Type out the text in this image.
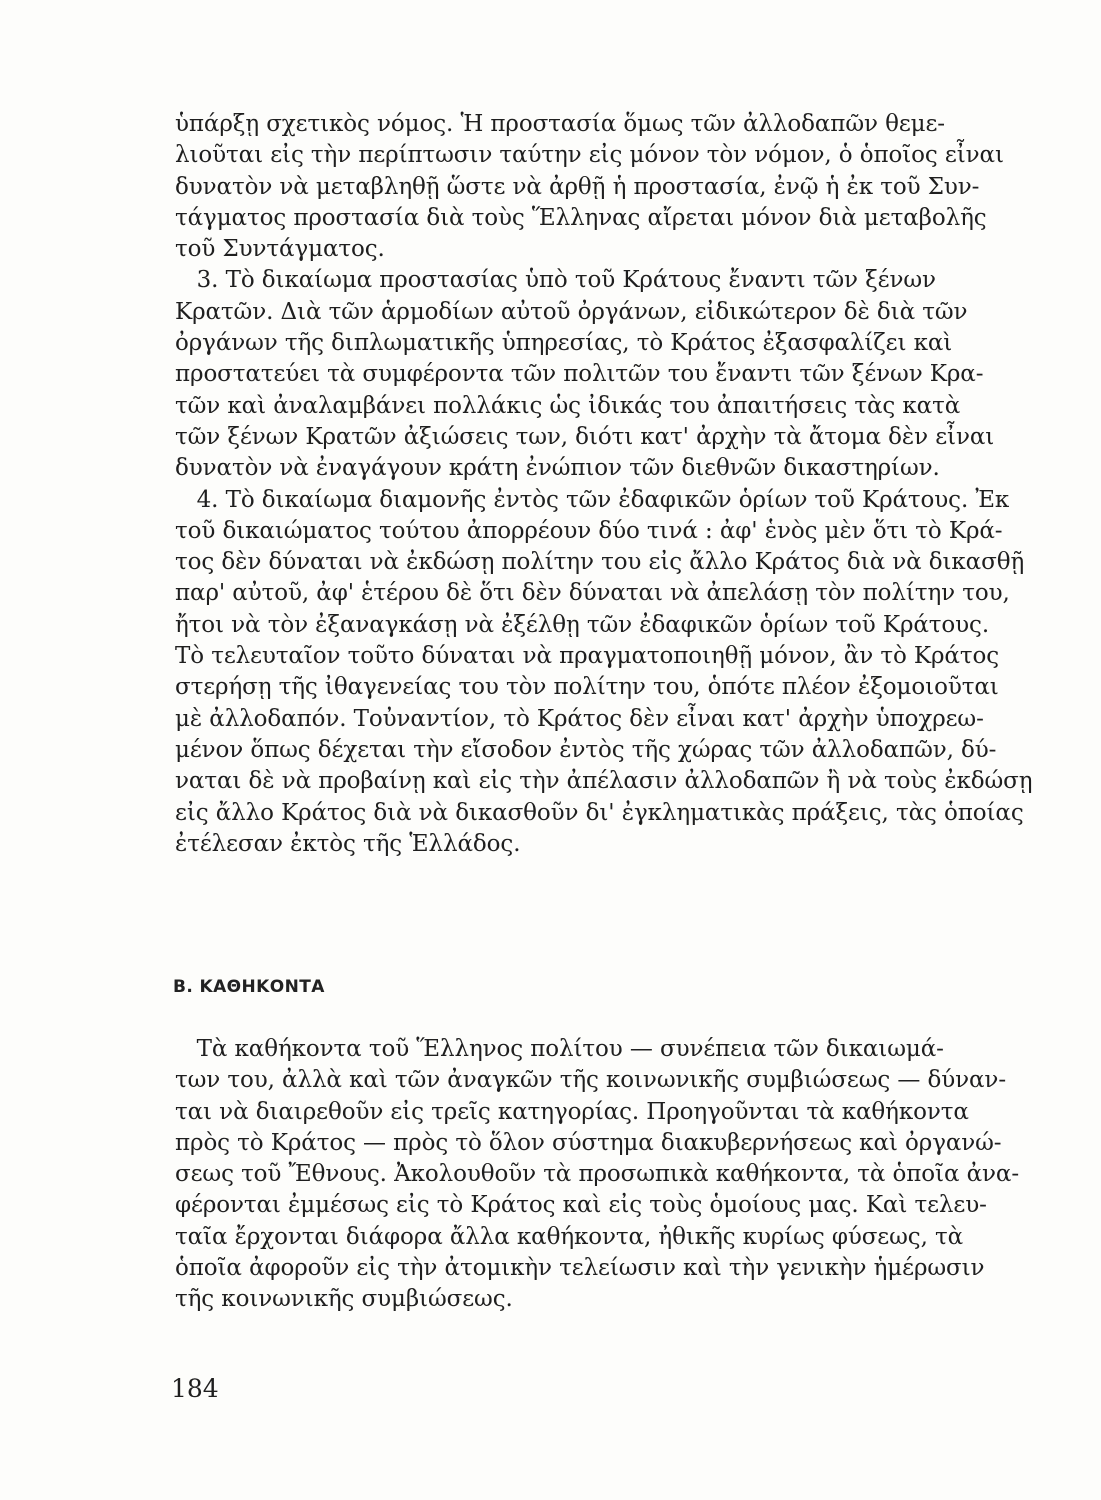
ὑπάρξῃ σχετικὸς νόμος. Ἡ προστασία ὅμως τῶν ἀλλοδαπῶν θεμε-
λιοῦται εἰς τὴν περίπτωσιν ταύτην εἰς μόνον τὸν νόμον, ὁ ὁποῖος εἶναι
δυνατὸν νὰ μεταβληθῇ ὥστε νὰ ἀρθῇ ἡ προστασία, ἐνῷ ἡ ἐκ τοῦ Συν-
τάγματος προστασία διὰ τοὺς Ἕλληνας αἴρεται μόνον διὰ μεταβολῆς
τοῦ Συντάγματος.
3. Τὸ δικαίωμα προστασίας ὑπὸ τοῦ Κράτους ἔναντι τῶν ξένων
Κρατῶν. Διὰ τῶν ἁρμοδίων αὐτοῦ ὀργάνων, εἰδικώτερον δὲ διὰ τῶν
ὀργάνων τῆς διπλωματικῆς ὑπηρεσίας, τὸ Κράτος ἐξασφαλίζει καὶ
προστατεύει τὰ συμφέροντα τῶν πολιτῶν του ἔναντι τῶν ξένων Κρα-
τῶν καὶ ἀναλαμβάνει πολλάκις ὡς ἰδικάς του ἀπαιτήσεις τὰς κατὰ
τῶν ξένων Κρατῶν ἀξιώσεις των, διότι κατ' ἀρχὴν τὰ ἄτομα δὲν εἶναι
δυνατὸν νὰ ἐναγάγουν κράτη ἐνώπιον τῶν διεθνῶν δικαστηρίων.
4. Τὸ δικαίωμα διαμονῆς ἐντὸς τῶν ἐδαφικῶν ὁρίων τοῦ Κράτους. Ἐκ
τοῦ δικαιώματος τούτου ἀπορρέουν δύο τινά : ἀφ' ἑνὸς μὲν ὅτι τὸ Κρά-
τος δὲν δύναται νὰ ἐκδώσῃ πολίτην του εἰς ἄλλο Κράτος διὰ νὰ δικασθῇ
παρ' αὐτοῦ, ἀφ' ἑτέρου δὲ ὅτι δὲν δύναται νὰ ἀπελάσῃ τὸν πολίτην του,
ἤτοι νὰ τὸν ἐξαναγκάσῃ νὰ ἐξέλθῃ τῶν ἐδαφικῶν ὁρίων τοῦ Κράτους.
Τὸ τελευταῖον τοῦτο δύναται νὰ πραγματοποιηθῇ μόνον, ἂν τὸ Κράτος
στερήσῃ τῆς ἰθαγενείας του τὸν πολίτην του, ὁπότε πλέον ἐξομοιοῦται
μὲ ἀλλοδαπόν. Τοὐναντίον, τὸ Κράτος δὲν εἶναι κατ' ἀρχὴν ὑποχρεω-
μένον ὅπως δέχεται τὴν εἴσοδον ἐντὸς τῆς χώρας τῶν ἀλλοδαπῶν, δύ-
ναται δὲ νὰ προβαίνῃ καὶ εἰς τὴν ἀπέλασιν ἀλλοδαπῶν ἢ νὰ τοὺς ἐκδώσῃ
εἰς ἄλλο Κράτος διὰ νὰ δικασθοῦν δι' ἐγκληματικὰς πράξεις, τὰς ὁποίας
ἐτέλεσαν ἐκτὸς τῆς Ἑλλάδος.
Β. ΚΑΘΗΚΟΝΤΑ
Τὰ καθήκοντα τοῦ Ἕλληνος πολίτου — συνέπεια τῶν δικαιωμά-
των του, ἀλλὰ καὶ τῶν ἀναγκῶν τῆς κοινωνικῆς συμβιώσεως — δύναν-
ται νὰ διαιρεθοῦν εἰς τρεῖς κατηγορίας. Προηγοῦνται τὰ καθήκοντα
πρὸς τὸ Κράτος — πρὸς τὸ ὅλον σύστημα διακυβερνήσεως καὶ ὀργανώ-
σεως τοῦ Ἔθνους. Ἀκολουθοῦν τὰ προσωπικὰ καθήκοντα, τὰ ὁποῖα ἀνα-
φέρονται ἐμμέσως εἰς τὸ Κράτος καὶ εἰς τοὺς ὁμοίους μας. Καὶ τελευ-
ταῖα ἔρχονται διάφορα ἄλλα καθήκοντα, ἠθικῆς κυρίως φύσεως, τὰ
ὁποῖα ἀφοροῦν εἰς τὴν ἀτομικὴν τελείωσιν καὶ τὴν γενικὴν ἡμέρωσιν
τῆς κοινωνικῆς συμβιώσεως.
184
